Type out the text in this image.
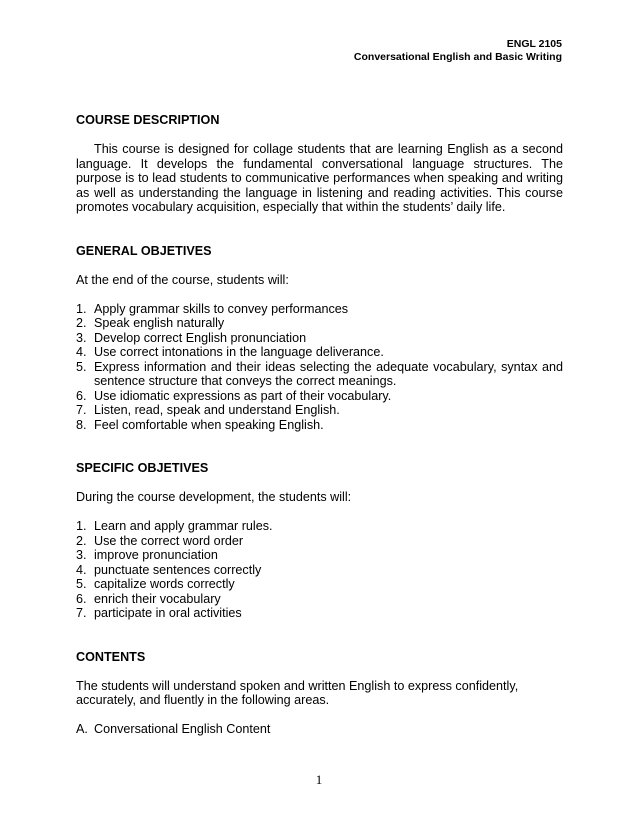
ENGL 2105
Conversational English and Basic Writing
COURSE DESCRIPTION

This course is designed for collage students that are learning English as a second language. It develops the fundamental conversational language structures. The purpose is to lead students to communicative performances when speaking and writing as well as understanding the language in listening and reading activities. This course promotes vocabulary acquisition, especially that within the students’ daily life.

GENERAL OBJETIVES

At the end of the course, students will:

1. Apply grammar skills to convey performances
2. Speak english naturally
3. Develop correct English pronunciation
4. Use correct intonations in the language deliverance.
5. Express information and their ideas selecting the adequate vocabulary, syntax and sentence structure that conveys the correct meanings.
6. Use idiomatic expressions as part of their vocabulary.
7. Listen, read, speak and understand English.
8. Feel comfortable when speaking English.
SPECIFIC OBJETIVES

During the course development, the students will:

1. Learn and apply grammar rules.
2. Use the correct word order
3. improve pronunciation
4. punctuate sentences correctly
5. capitalize words correctly
6. enrich their vocabulary
7. participate in oral activities
CONTENTS

The students will understand spoken and written English to express confidently, accurately, and fluently in the following areas.

A. Conversational English Content
1
